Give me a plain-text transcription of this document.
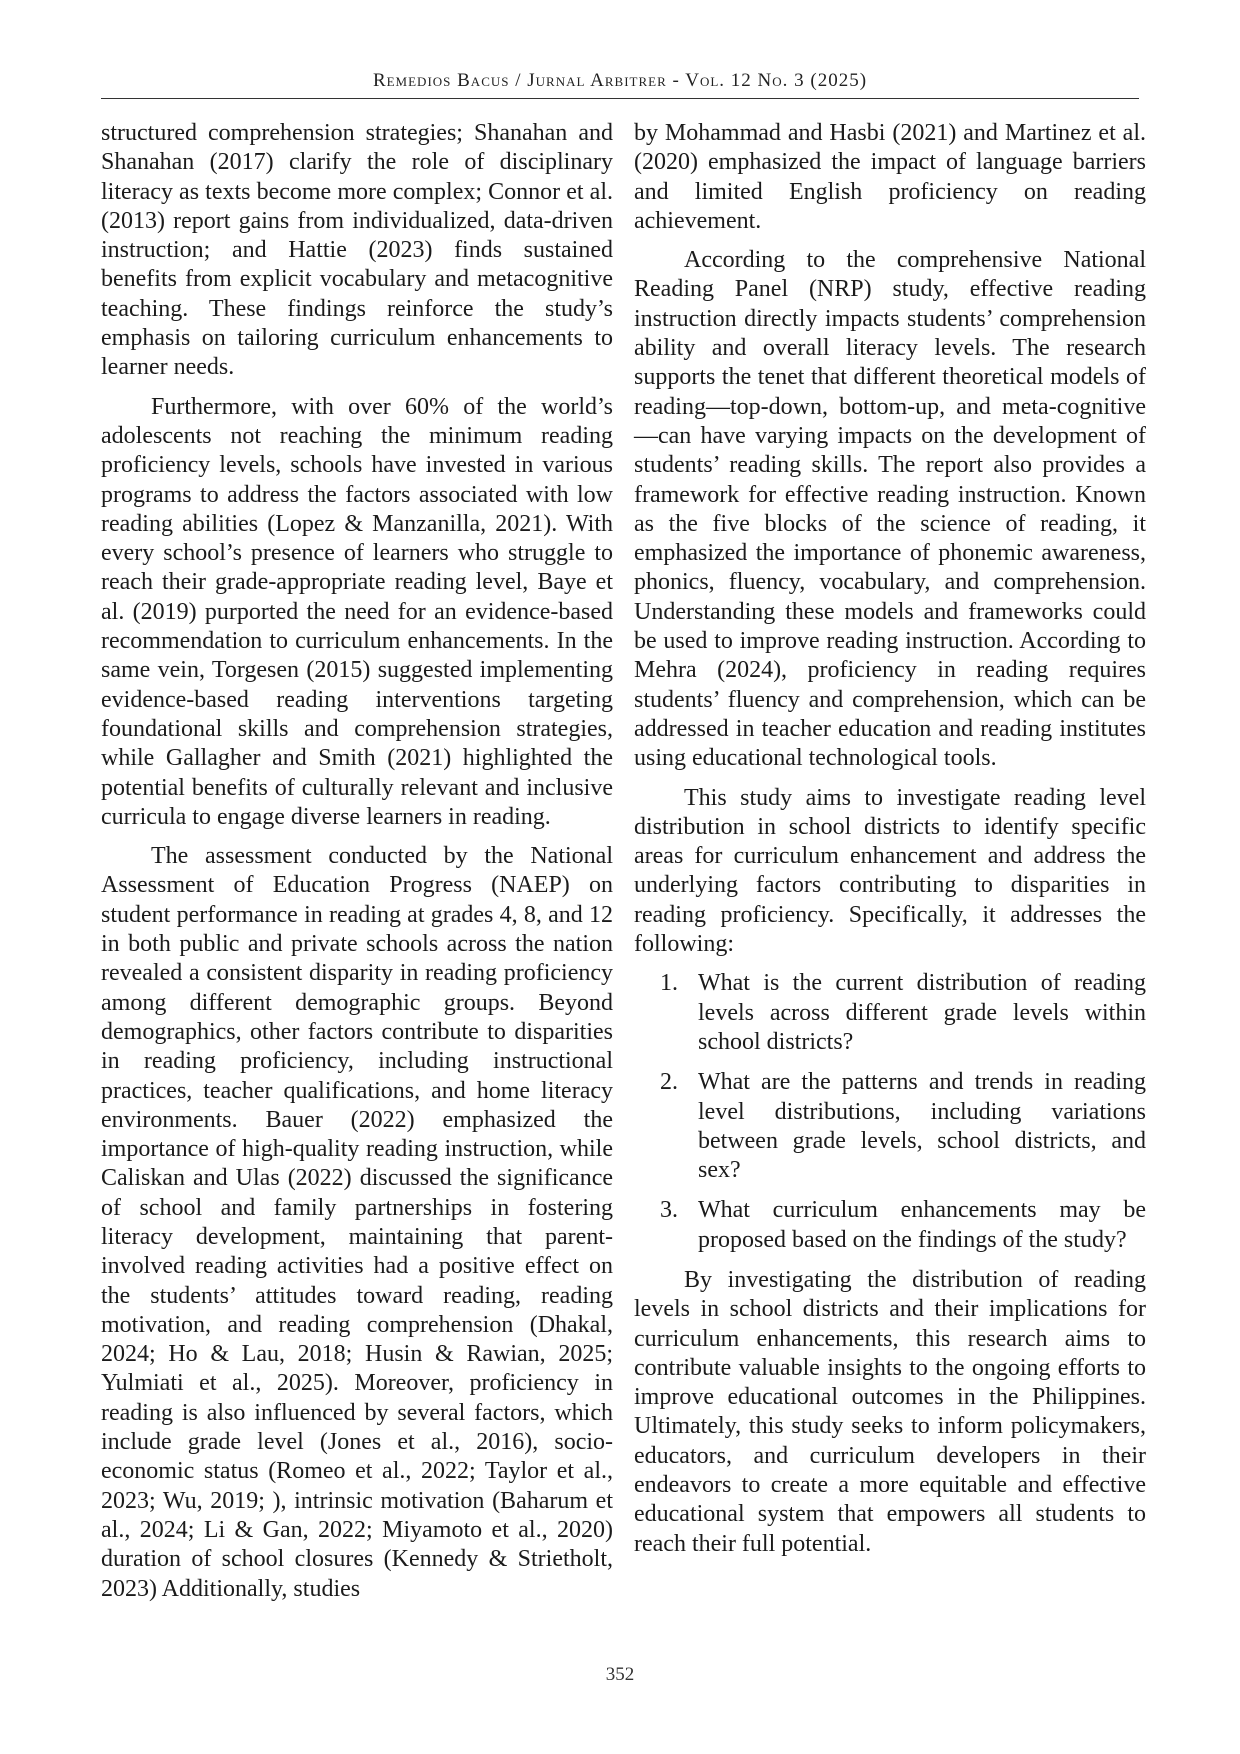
Remedios Bacus / Jurnal Arbitrer - Vol. 12 No. 3 (2025)

structured comprehension strategies; Shanahan and Shanahan (2017) clarify the role of disciplinary literacy as texts become more complex; Connor et al. (2013) report gains from individualized, data-driven instruction; and Hattie (2023) finds sustained benefits from explicit vocabulary and metacognitive teaching. These findings reinforce the study’s emphasis on tailoring curriculum enhancements to learner needs.

Furthermore, with over 60% of the world’s adolescents not reaching the minimum reading proficiency levels, schools have invested in various programs to address the factors associated with low reading abilities (Lopez & Manzanilla, 2021). With every school’s presence of learners who struggle to reach their grade-appropriate reading level, Baye et al. (2019) purported the need for an evidence-based recommendation to curriculum enhancements. In the same vein, Torgesen (2015) suggested implementing evidence-based reading interventions targeting foundational skills and comprehension strategies, while Gallagher and Smith (2021) highlighted the potential benefits of culturally relevant and inclusive curricula to engage diverse learners in reading.

The assessment conducted by the National Assessment of Education Progress (NAEP) on student performance in reading at grades 4, 8, and 12 in both public and private schools across the nation revealed a consistent disparity in reading proficiency among different demographic groups. Beyond demographics, other factors contribute to disparities in reading proficiency, including instructional practices, teacher qualifications, and home literacy environments. Bauer (2022) emphasized the importance of high-quality reading instruction, while Caliskan and Ulas (2022) discussed the significance of school and family partnerships in fostering literacy development, maintaining that parent-involved reading activities had a positive effect on the students’ attitudes toward reading, reading motivation, and reading comprehension (Dhakal, 2024; Ho & Lau, 2018; Husin & Rawian, 2025; Yulmiati et al., 2025). Moreover, proficiency in reading is also influenced by several factors, which include grade level (Jones et al., 2016), socio-economic status (Romeo et al., 2022; Taylor et al., 2023; Wu, 2019; ), intrinsic motivation (Baharum et al., 2024; Li & Gan, 2022; Miyamoto et al., 2020) duration of school closures (Kennedy & Strietholt, 2023) Additionally, studies

by Mohammad and Hasbi (2021) and Martinez et al. (2020) emphasized the impact of language barriers and limited English proficiency on reading achievement.

According to the comprehensive National Reading Panel (NRP) study, effective reading instruction directly impacts students’ comprehension ability and overall literacy levels. The research supports the tenet that different theoretical models of reading—top-down, bottom-up, and meta-cognitive—can have varying impacts on the development of students’ reading skills. The report also provides a framework for effective reading instruction. Known as the five blocks of the science of reading, it emphasized the importance of phonemic awareness, phonics, fluency, vocabulary, and comprehension. Understanding these models and frameworks could be used to improve reading instruction. According to Mehra (2024), proficiency in reading requires students’ fluency and comprehension, which can be addressed in teacher education and reading institutes using educational technological tools.

This study aims to investigate reading level distribution in school districts to identify specific areas for curriculum enhancement and address the underlying factors contributing to disparities in reading proficiency. Specifically, it addresses the following:

1. What is the current distribution of reading levels across different grade levels within school districts?
2. What are the patterns and trends in reading level distributions, including variations between grade levels, school districts, and sex?
3. What curriculum enhancements may be proposed based on the findings of the study?

By investigating the distribution of reading levels in school districts and their implications for curriculum enhancements, this research aims to contribute valuable insights to the ongoing efforts to improve educational outcomes in the Philippines. Ultimately, this study seeks to inform policymakers, educators, and curriculum developers in their endeavors to create a more equitable and effective educational system that empowers all students to reach their full potential.

352
